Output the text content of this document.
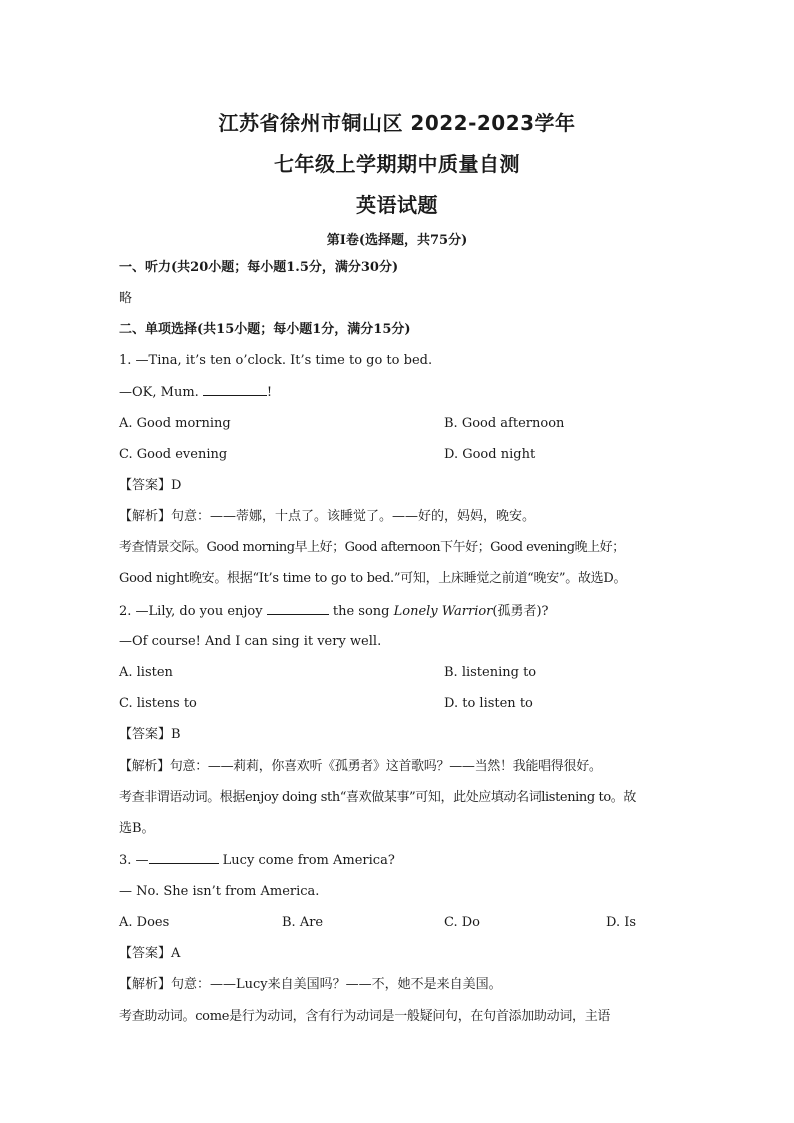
江苏省徐州市铜山区 2022-2023学年
七年级上学期期中质量自测
英语试题
第Ⅰ卷(选择题，共75分)
一、听力(共20小题；每小题1.5分，满分30分)
略
二、单项选择(共15小题；每小题1分，满分15分)
1. —Tina, it’s ten o’clock. It’s time to go to bed.
—OK, Mum.	!
A. Good morning	B. Good afternoon
C. Good evening	D. Good night
【答案】D
【解析】句意：——蒂娜，十点了。该睡觉了。——好的，妈妈，晚安。
考查情景交际。Good morning早上好；Good afternoon下午好；Good evening晚上好；
Good night晚安。根据“It’s time to go to bed.”可知，上床睡觉之前道“晚安”。故选D。
2. —Lily, do you enjoy	the song Lonely Warrior(孤勇者)?
—Of course! And I can sing it very well.
A. listen	B. listening to
C. listens to	D. to listen to
【答案】B
【解析】句意：——莉莉，你喜欢听《孤勇者》这首歌吗？——当然！我能唱得很好。
考查非谓语动词。根据enjoy doing sth“喜欢做某事”可知，此处应填动名词listening to。故
选B。
3. —	Lucy come from America?
— No. She isn’t from America.
A. Does	B. Are	C. Do	D. Is
【答案】A
【解析】句意：——Lucy来自美国吗？——不，她不是来自美国。
考查助动词。come是行为动词，含有行为动词是一般疑问句，在句首添加助动词，主语
